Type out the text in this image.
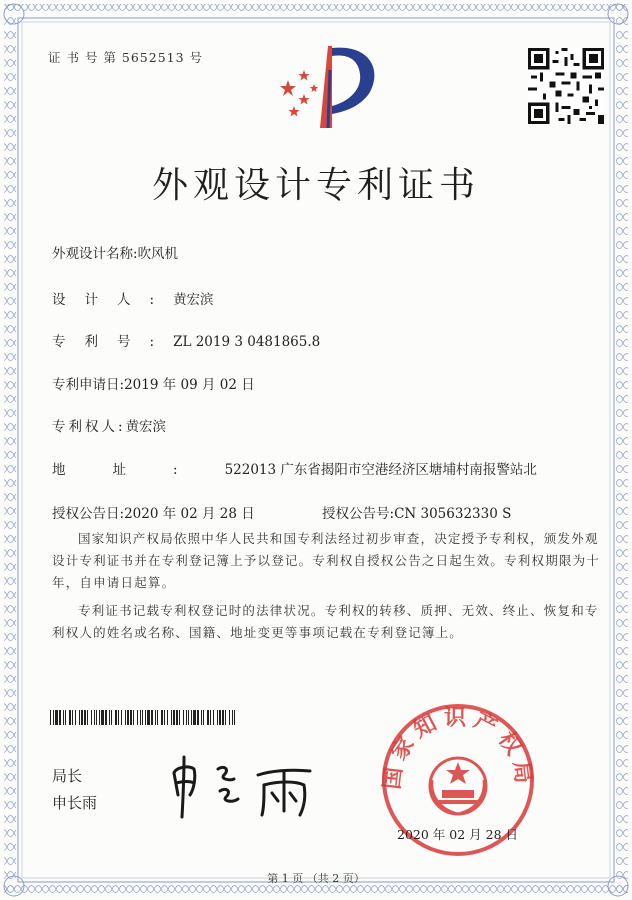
证 书 号 第 5652513 号
外观设计专利证书
外观设计名称:吹风机
设计人:黄宏滨
专利号:ZL 2019 3 0481865.8
专利申请日:2019 年 09 月 02 日
专利权人:黄宏滨
地址:522013 广东省揭阳市空港经济区塘埔村南报警站北
授权公告日:2020 年 02 月 28 日	授权公告号:CN 305632330 S
国家知识产权局依照中华人民共和国专利法经过初步审查，决定授予专利权，颁发外观设计专利证书并在专利登记簿上予以登记。专利权自授权公告之日起生效。专利权期限为十年，自申请日起算。
专利证书记载专利权登记时的法律状况。专利权的转移、质押、无效、终止、恢复和专利权人的姓名或名称、国籍、地址变更等事项记载在专利登记簿上。
局长
申长雨
国家知识产权局
2020 年 02 月 28 日
第 1 页 （共 2 页）
